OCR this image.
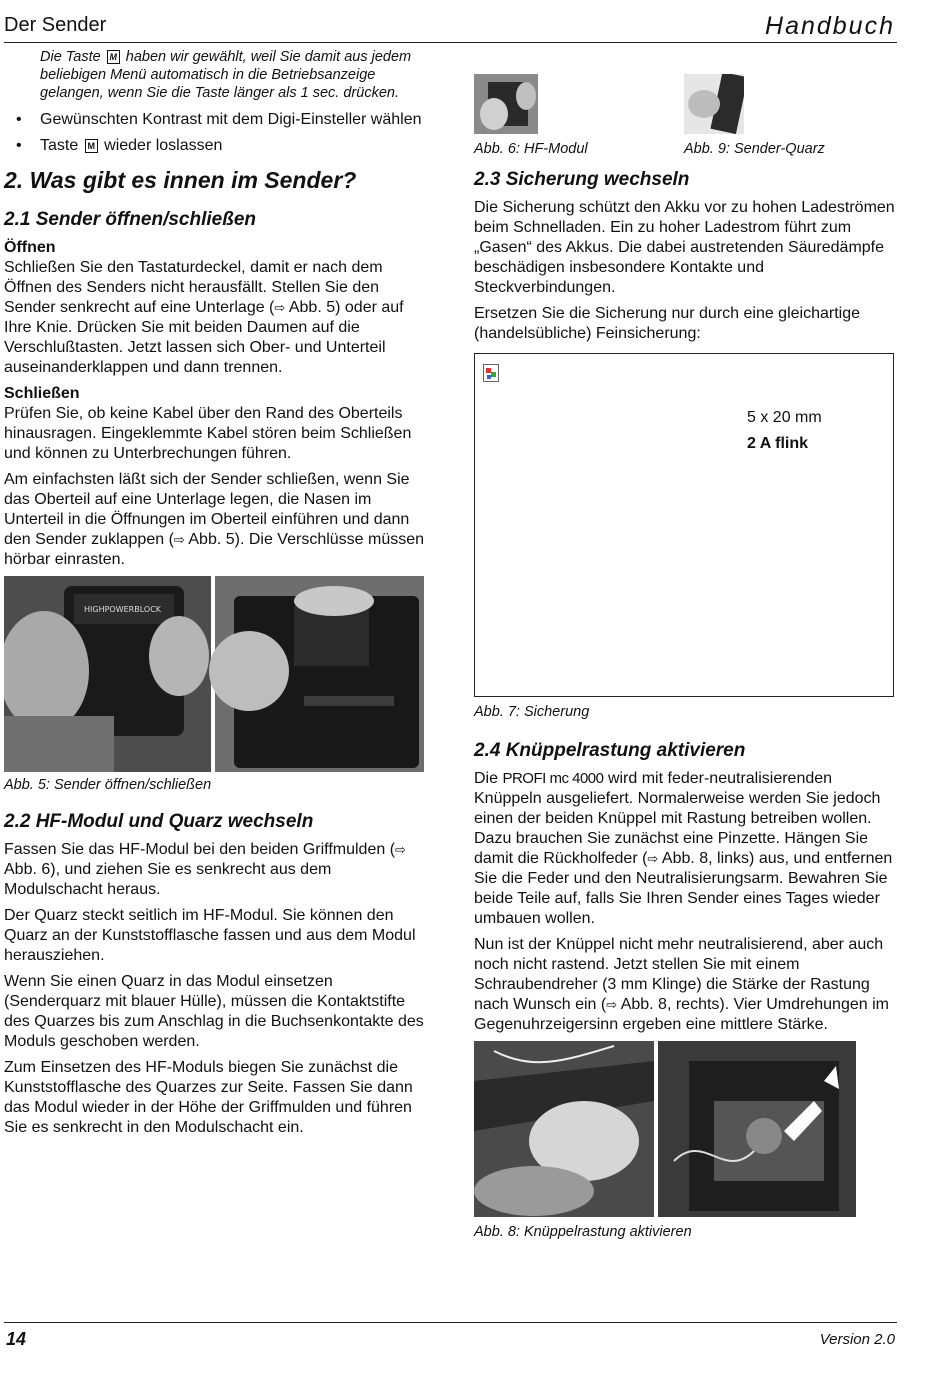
Der Sender	Handbuch

Die Taste M haben wir gewählt, weil Sie damit aus jedem beliebigen Menü automatisch in die Betriebsanzeige gelangen, wenn Sie die Taste länger als 1 sec. drücken.

• Gewünschten Kontrast mit dem Digi-Einsteller wählen
• Taste M wieder loslassen
2. Was gibt es innen im Sender?
2.1 Sender öffnen/schließen
Öffnen

Schließen Sie den Tastaturdeckel, damit er nach dem Öffnen des Senders nicht herausfällt. Stellen Sie den Sender senkrecht auf eine Unterlage (⇨ Abb. 5) oder auf Ihre Knie. Drücken Sie mit beiden Daumen auf die Verschlußtasten. Jetzt lassen sich Ober- und Unterteil auseinanderklappen und dann trennen.

Schließen

Prüfen Sie, ob keine Kabel über den Rand des Oberteils hinausragen. Eingeklemmte Kabel stören beim Schließen und können zu Unterbrechungen führen.

Am einfachsten läßt sich der Sender schließen, wenn Sie das Oberteil auf eine Unterlage legen, die Nasen im Unterteil in die Öffnungen im Oberteil einführen und dann den Sender zuklappen (⇨ Abb. 5). Die Verschlüsse müssen hörbar einrasten.

HIGHPOWERBLOCK
Abb. 5: Sender öffnen/schließen
2.2 HF-Modul und Quarz wechseln

Fassen Sie das HF-Modul bei den beiden Griffmulden (⇨ Abb. 6), und ziehen Sie es senkrecht aus dem Modulschacht heraus.

Der Quarz steckt seitlich im HF-Modul. Sie können den Quarz an der Kunststofflasche fassen und aus dem Modul herausziehen.

Wenn Sie einen Quarz in das Modul einsetzen (Senderquarz mit blauer Hülle), müssen die Kontaktstifte des Quarzes bis zum Anschlag in die Buchsenkontakte des Moduls geschoben werden.

Zum Einsetzen des HF-Moduls biegen Sie zunächst die Kunststofflasche des Quarzes zur Seite. Fassen Sie dann das Modul wieder in der Höhe der Griffmulden und führen Sie es senkrecht in den Modulschacht ein.

Abb. 6: HF-Modul	Abb. 9: Sender-Quarz
2.3 Sicherung wechseln

Die Sicherung schützt den Akku vor zu hohen Ladeströmen beim Schnelladen. Ein zu hoher Ladestrom führt zum „Gasen“ des Akkus. Die dabei austretenden Säuredämpfe beschädigen insbesondere Kontakte und Steckverbindungen.

Ersetzen Sie die Sicherung nur durch eine gleichartige (handelsübliche) Feinsicherung:

5 x 20 mm
2 A flink
Abb. 7: Sicherung
2.4 Knüppelrastung aktivieren

Die PROFI mc 4000 wird mit feder-neutralisierenden Knüppeln ausgeliefert. Normalerweise werden Sie jedoch einen der beiden Knüppel mit Rastung betreiben wollen. Dazu brauchen Sie zunächst eine Pinzette. Hängen Sie damit die Rückholfeder (⇨ Abb. 8, links) aus, und entfernen Sie die Feder und den Neutralisierungsarm. Bewahren Sie beide Teile auf, falls Sie Ihren Sender eines Tages wieder umbauen wollen.

Nun ist der Knüppel nicht mehr neutralisierend, aber auch noch nicht rastend. Jetzt stellen Sie mit einem Schraubendreher (3 mm Klinge) die Stärke der Rastung nach Wunsch ein (⇨ Abb. 8, rechts). Vier Umdrehungen im Gegenuhrzeigersinn ergeben eine mittlere Stärke.

Abb. 8: Knüppelrastung aktivieren
14	Version 2.0
